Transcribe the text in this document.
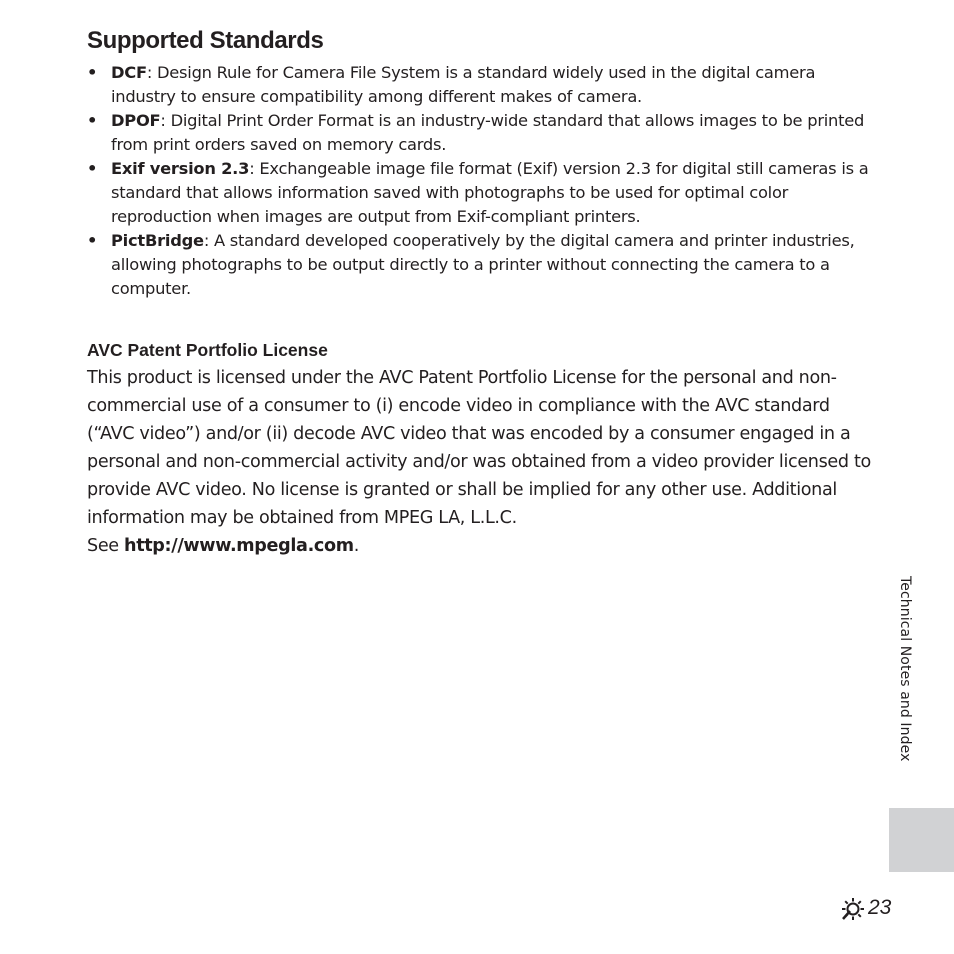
Supported Standards
• DCF: Design Rule for Camera File System is a standard widely used in the digital camera industry to ensure compatibility among different makes of camera.
• DPOF: Digital Print Order Format is an industry-wide standard that allows images to be printed from print orders saved on memory cards.
• Exif version 2.3: Exchangeable image file format (Exif) version 2.3 for digital still cameras is a standard that allows information saved with photographs to be used for optimal color reproduction when images are output from Exif-compliant printers.
• PictBridge: A standard developed cooperatively by the digital camera and printer industries, allowing photographs to be output directly to a printer without connecting the camera to a computer.
AVC Patent Portfolio License

This product is licensed under the AVC Patent Portfolio License for the personal and non-commercial use of a consumer to (i) encode video in compliance with the AVC standard (“AVC video”) and/or (ii) decode AVC video that was encoded by a consumer engaged in a personal and non-commercial activity and/or was obtained from a video provider licensed to provide AVC video. No license is granted or shall be implied for any other use. Additional information may be obtained from MPEG LA, L.L.C.
See http://www.mpegla.com.

Technical Notes and Index
23
